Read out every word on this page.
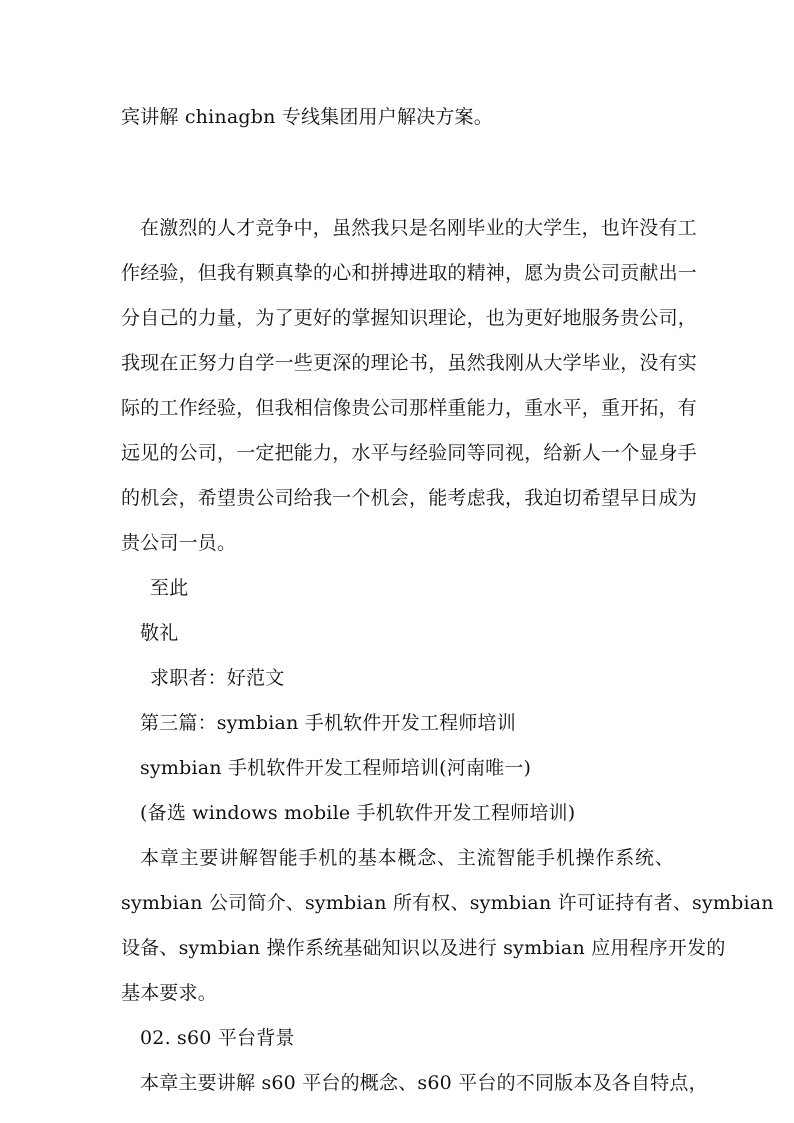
宾讲解 chinagbn 专线集团用户解决方案。
在激烈的人才竞争中，虽然我只是名刚毕业的大学生，也许没有工
作经验，但我有颗真挚的心和拼搏进取的精神，愿为贵公司贡献出一
分自己的力量，为了更好的掌握知识理论，也为更好地服务贵公司，
我现在正努力自学一些更深的理论书，虽然我刚从大学毕业，没有实
际的工作经验，但我相信像贵公司那样重能力，重水平，重开拓，有
远见的公司，一定把能力，水平与经验同等同视，给新人一个显身手
的机会，希望贵公司给我一个机会，能考虑我，我迫切希望早日成为
贵公司一员。
至此
敬礼
求职者：好范文
第三篇：symbian 手机软件开发工程师培训
symbian 手机软件开发工程师培训(河南唯一)
(备选 windows mobile 手机软件开发工程师培训)
本章主要讲解智能手机的基本概念、主流智能手机操作系统、
symbian 公司简介、symbian 所有权、symbian 许可证持有者、symbian
设备、symbian 操作系统基础知识以及进行 symbian 应用程序开发的
基本要求。
02. s60 平台背景
本章主要讲解 s60 平台的概念、s60 平台的不同版本及各自特点，
